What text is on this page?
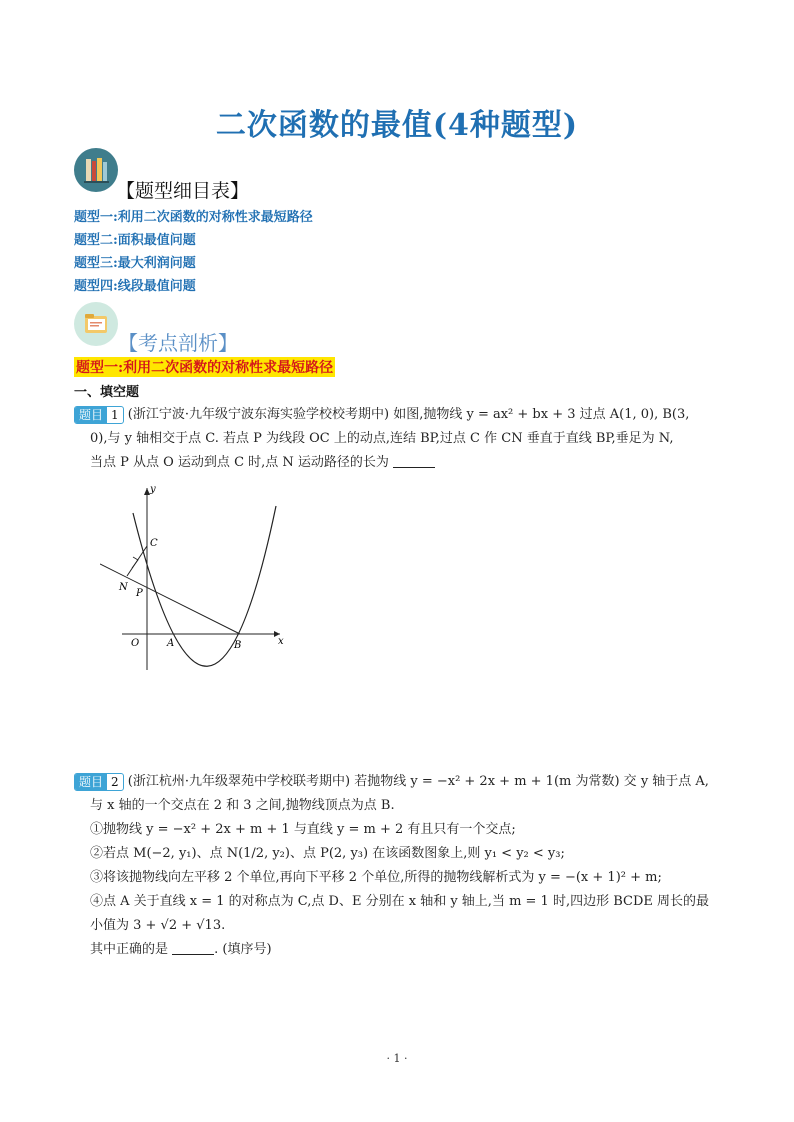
二次函数的最值(4种题型)
【题型细目表】
题型一:利用二次函数的对称性求最短路径
题型二:面积最值问题
题型三:最大利润问题
题型四:线段最值问题
【考点剖析】
题型一:利用二次函数的对称性求最短路径
一、填空题
题目 1 (浙江宁波·九年级宁波东海实验学校校考期中) 如图,抛物线 y = ax² + bx + 3 过点 A(1, 0), B(3,
0),与 y 轴相交于点 C. 若点 P 为线段 OC 上的动点,连结 BP,过点 C 作 CN 垂直于直线 BP,垂足为 N,
当点 P 从点 O 运动到点 C 时,点 N 运动路径的长为
y
x
C
N
P
O	A	B
题目 2 (浙江杭州·九年级翠苑中学校联考期中) 若抛物线 y = −x² + 2x + m + 1(m 为常数) 交 y 轴于点 A,
与 x 轴的一个交点在 2 和 3 之间,抛物线顶点为点 B.
①抛物线 y = −x² + 2x + m + 1 与直线 y = m + 2 有且只有一个交点;
②若点 M(−2, y₁)、点 N(1/2, y₂)、点 P(2, y₃) 在该函数图象上,则 y₁ < y₂ < y₃;
③将该抛物线向左平移 2 个单位,再向下平移 2 个单位,所得的抛物线解析式为 y = −(x + 1)² + m;
④点 A 关于直线 x = 1 的对称点为 C,点 D、E 分别在 x 轴和 y 轴上,当 m = 1 时,四边形 BCDE 周长的最
小值为 3 + √2 + √13.
其中正确的是	. (填序号)
· 1 ·
